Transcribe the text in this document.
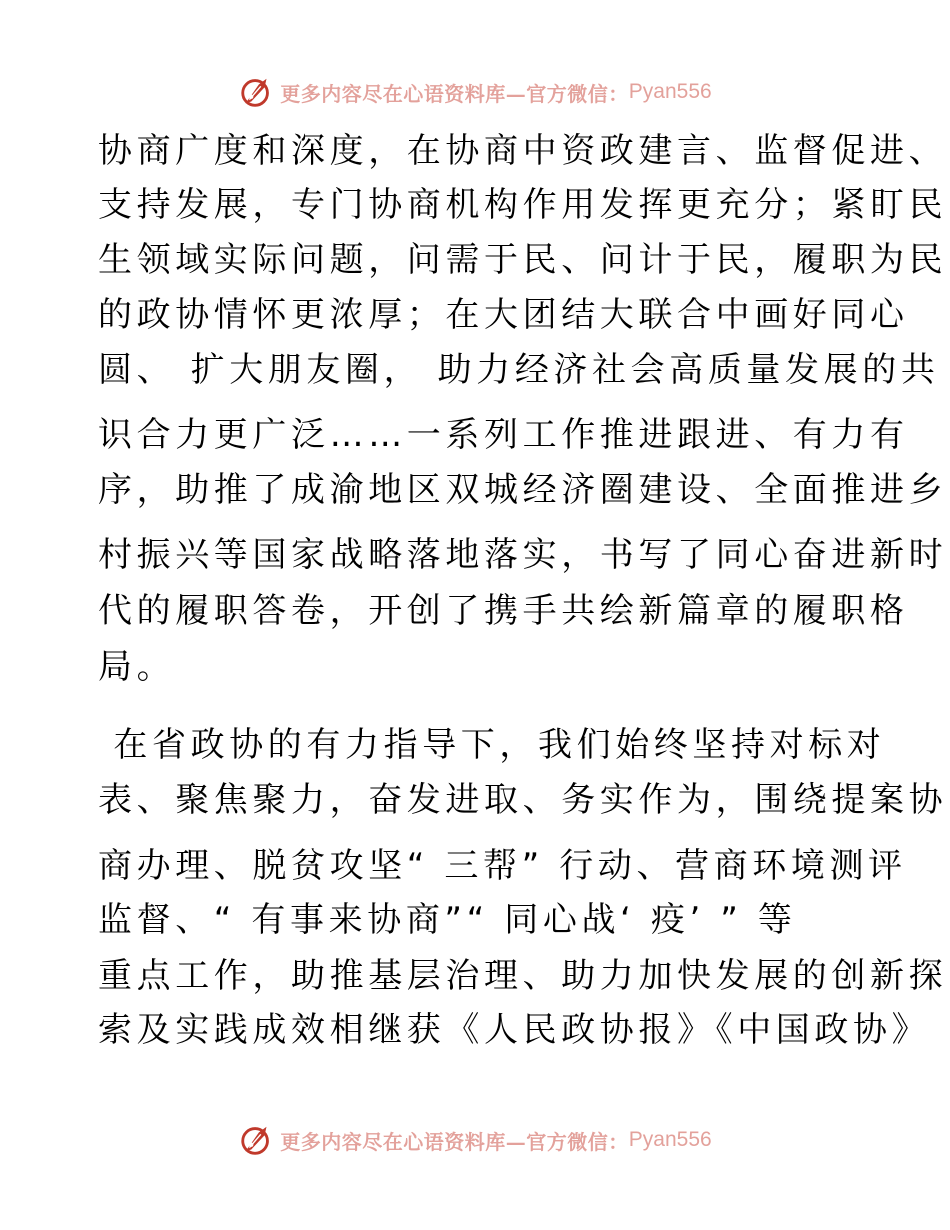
更多内容尽在心语资料库—官方微信： Pyan556
协商广度和深度，在协商中资政建言、监督促进、
支持发展，专门协商机构作用发挥更充分；紧盯民
生领域实际问题，问需于民、问计于民，履职为民
的政协情怀更浓厚；在大团结大联合中画好同心
圆、 扩大朋友圈， 助力经济社会高质量发展的共
识合力更广泛……一系列工作推进跟进、有力有
序，助推了成渝地区双城经济圈建设、全面推进乡
村振兴等国家战略落地落实，书写了同心奋进新时
代的履职答卷，开创了携手共绘新篇章的履职格
局。
在省政协的有力指导下，我们始终坚持对标对
表、聚焦聚力，奋发进取、务实作为，围绕提案协
商办理、脱贫攻坚“ 三帮” 行动、营商环境测评
监督、“ 有事来协商”“ 同心战‘ 疫’ ” 等
重点工作，助推基层治理、助力加快发展的创新探
索及实践成效相继获《人民政协报》《中国政协》
更多内容尽在心语资料库—官方微信： Pyan556
